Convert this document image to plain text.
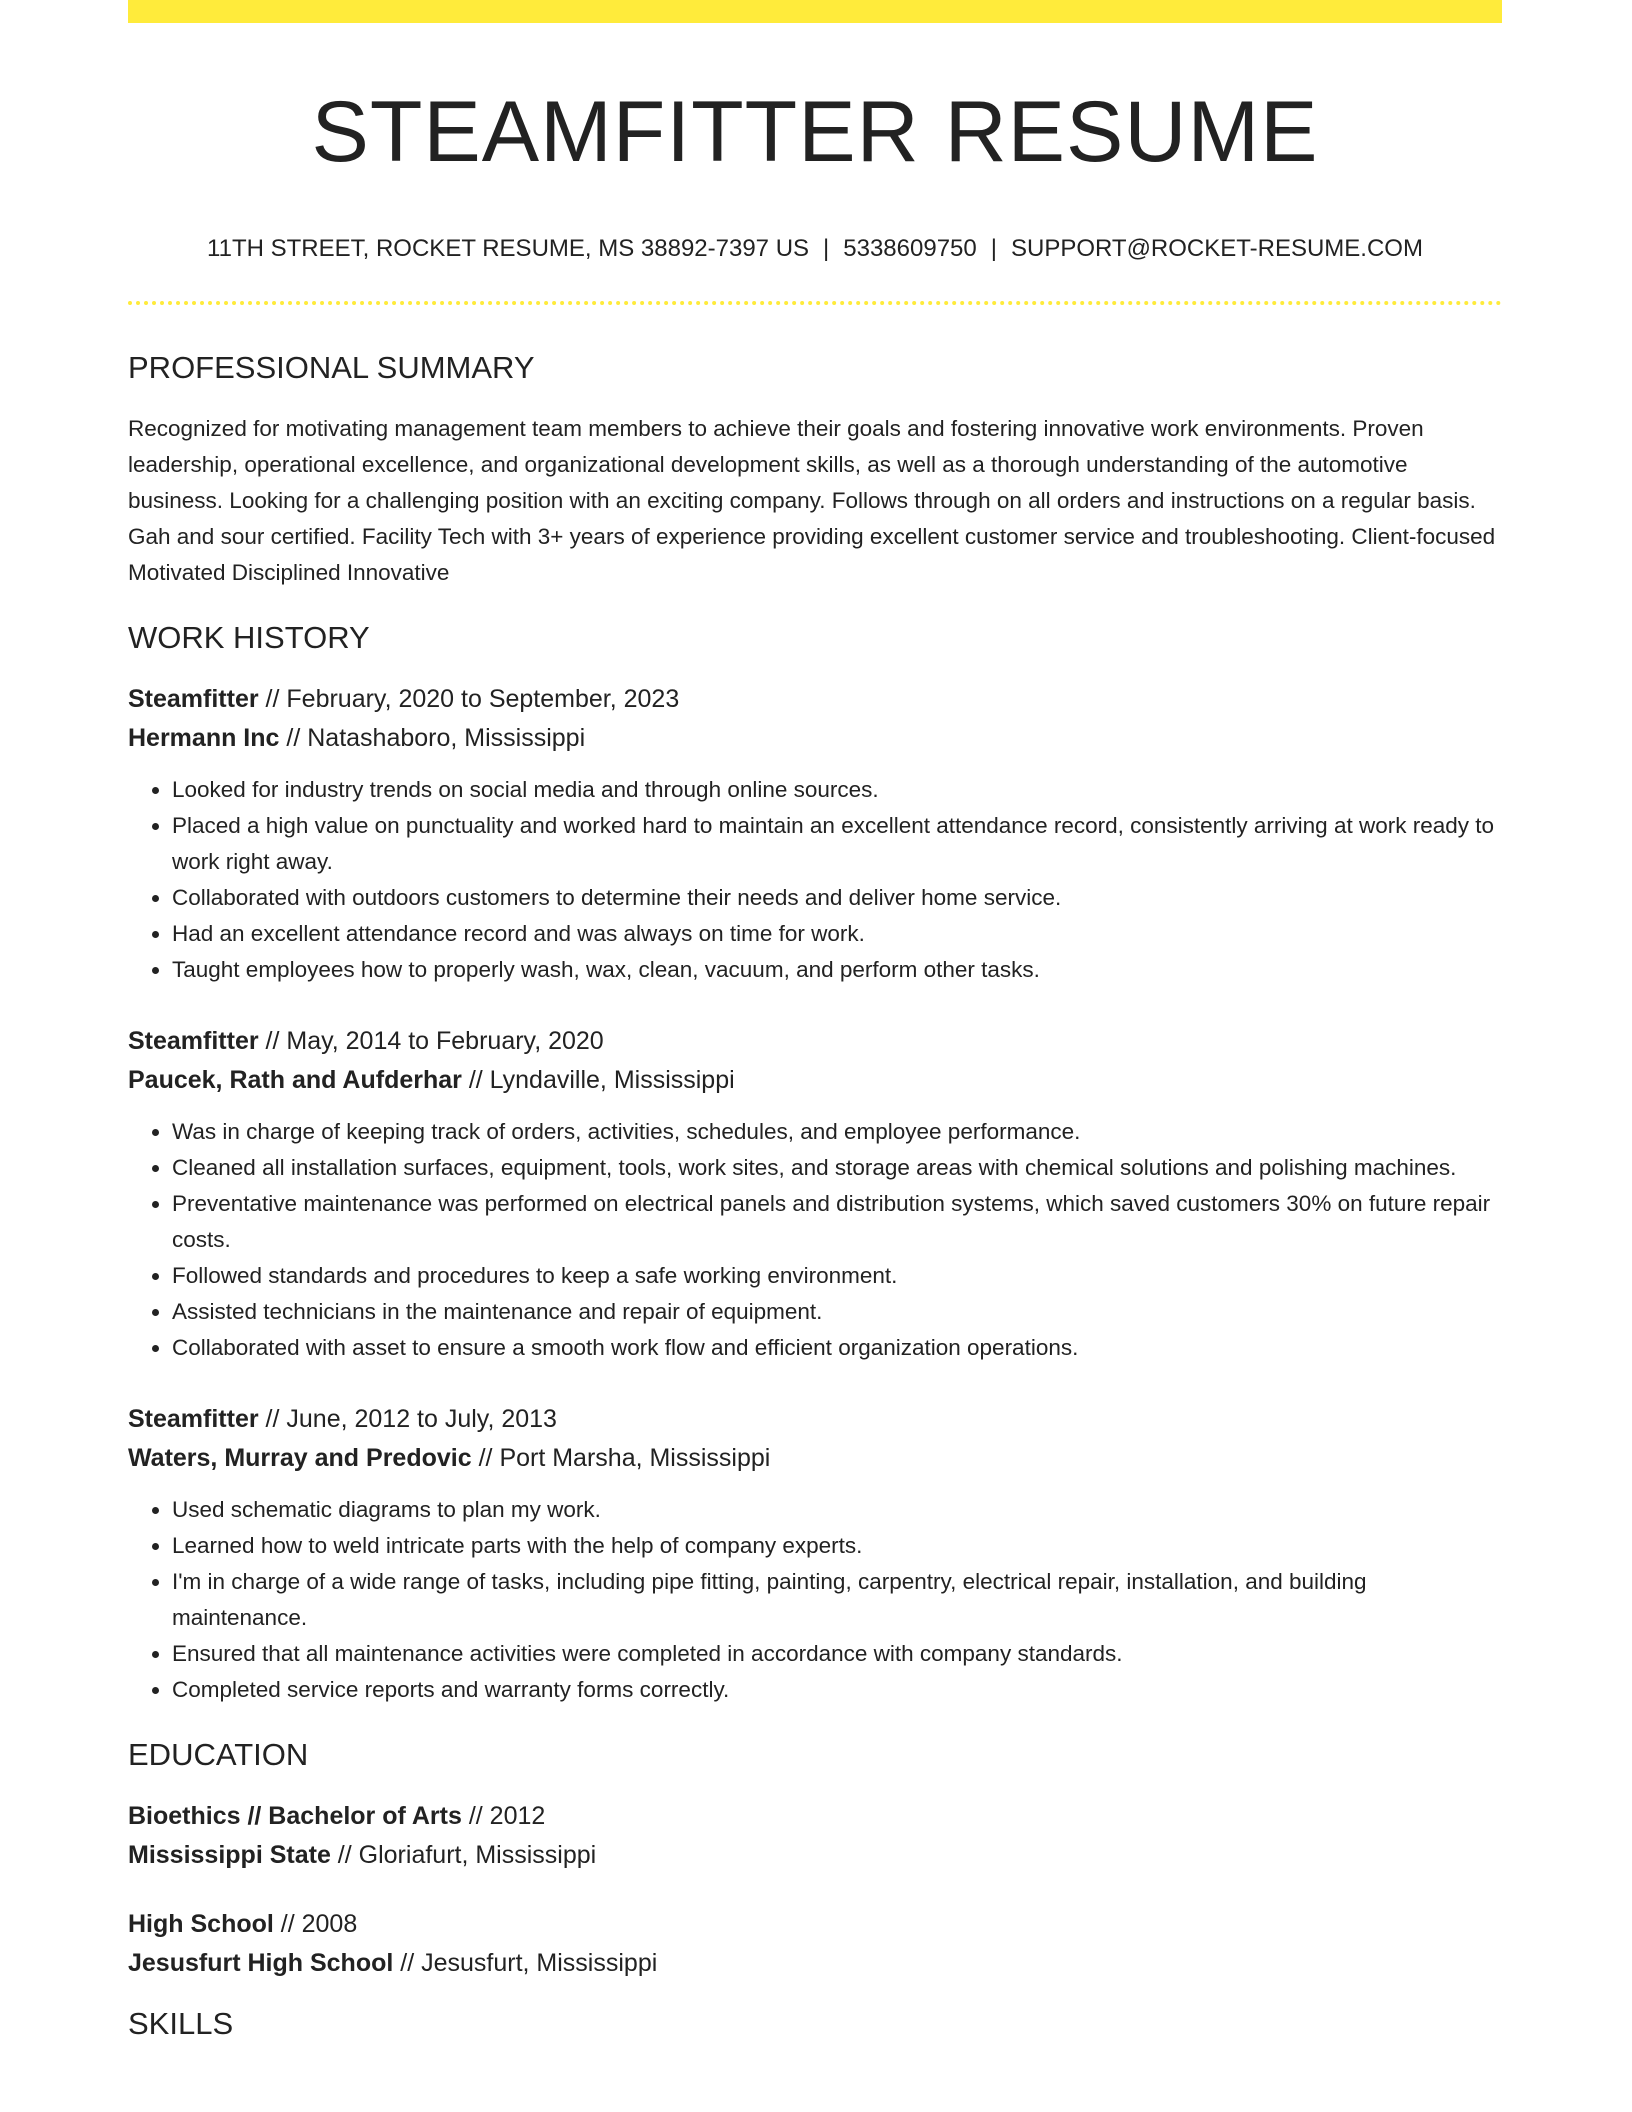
STEAMFITTER RESUME
11TH STREET, ROCKET RESUME, MS 38892-7397 US | 5338609750 | SUPPORT@ROCKET-RESUME.COM
PROFESSIONAL SUMMARY
Recognized for motivating management team members to achieve their goals and fostering innovative work environments. Proven leadership, operational excellence, and organizational development skills, as well as a thorough understanding of the automotive business. Looking for a challenging position with an exciting company. Follows through on all orders and instructions on a regular basis. Gah and sour certified. Facility Tech with 3+ years of experience providing excellent customer service and troubleshooting. Client-focused Motivated Disciplined Innovative
WORK HISTORY
Steamfitter // February, 2020 to September, 2023
Hermann Inc // Natashaboro, Mississippi
• Looked for industry trends on social media and through online sources.
• Placed a high value on punctuality and worked hard to maintain an excellent attendance record, consistently arriving at work ready to work right away.
• Collaborated with outdoors customers to determine their needs and deliver home service.
• Had an excellent attendance record and was always on time for work.
• Taught employees how to properly wash, wax, clean, vacuum, and perform other tasks.
Steamfitter // May, 2014 to February, 2020
Paucek, Rath and Aufderhar // Lyndaville, Mississippi
• Was in charge of keeping track of orders, activities, schedules, and employee performance.
• Cleaned all installation surfaces, equipment, tools, work sites, and storage areas with chemical solutions and polishing machines.
• Preventative maintenance was performed on electrical panels and distribution systems, which saved customers 30% on future repair costs.
• Followed standards and procedures to keep a safe working environment.
• Assisted technicians in the maintenance and repair of equipment.
• Collaborated with asset to ensure a smooth work flow and efficient organization operations.
Steamfitter // June, 2012 to July, 2013
Waters, Murray and Predovic // Port Marsha, Mississippi
• Used schematic diagrams to plan my work.
• Learned how to weld intricate parts with the help of company experts.
• I'm in charge of a wide range of tasks, including pipe fitting, painting, carpentry, electrical repair, installation, and building maintenance.
• Ensured that all maintenance activities were completed in accordance with company standards.
• Completed service reports and warranty forms correctly.
EDUCATION
Bioethics // Bachelor of Arts // 2012
Mississippi State // Gloriafurt, Mississippi
High School // 2008
Jesusfurt High School // Jesusfurt, Mississippi
SKILLS
